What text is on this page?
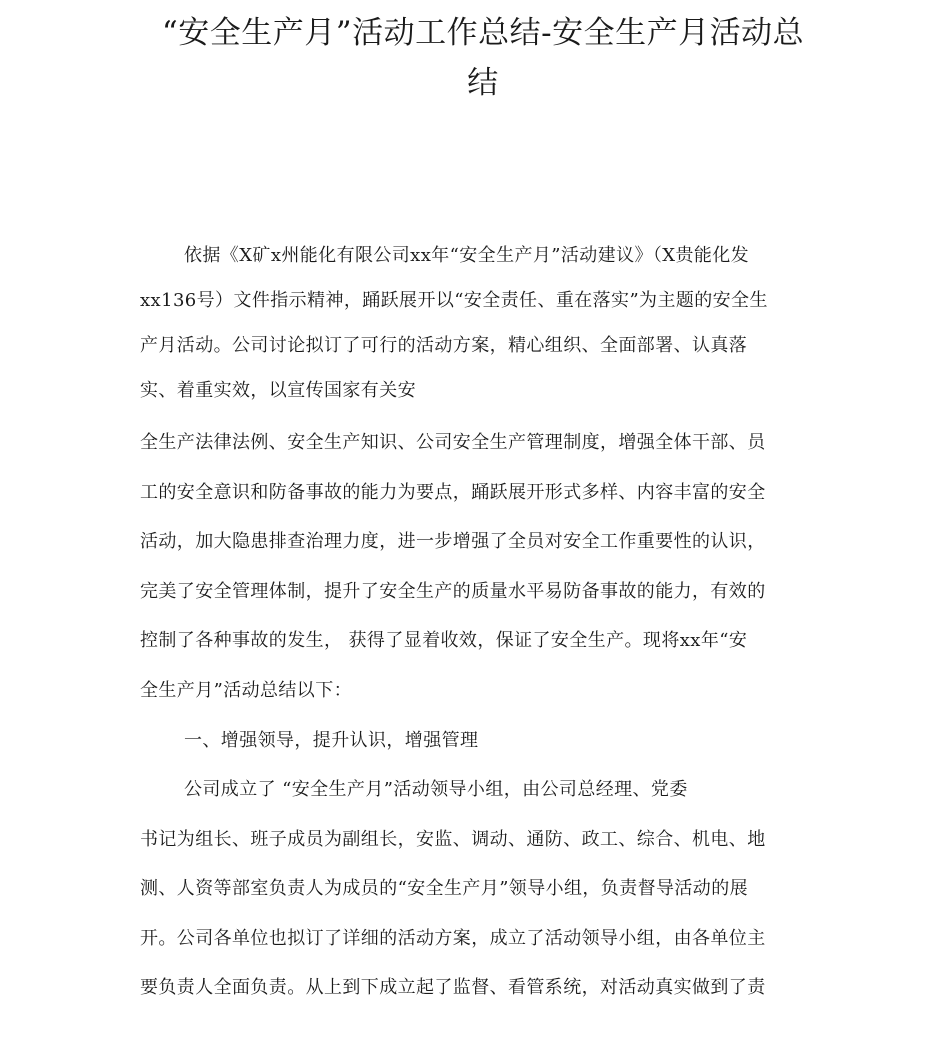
“安全生产月”活动工作总结-安全生产月活动总
结
依据《X矿x州能化有限公司xx年“安全生产月”活动建议》（X贵能化发
xx136号）文件指示精神，踊跃展开以“安全责任、重在落实”为主题的安全生
产月活动。公司讨论拟订了可行的活动方案，精心组织、全面部署、认真落
实、着重实效，以宣传国家有关安
全生产法律法例、安全生产知识、公司安全生产管理制度，增强全体干部、员
工的安全意识和防备事故的能力为要点，踊跃展开形式多样、内容丰富的安全
活动，加大隐患排查治理力度，进一步增强了全员对安全工作重要性的认识，
完美了安全管理体制，提升了安全生产的质量水平易防备事故的能力，有效的
控制了各种事故的发生， 获得了显着收效，保证了安全生产。现将xx年“安
全生产月”活动总结以下：
一、增强领导，提升认识，增强管理
公司成立了 “安全生产月”活动领导小组，由公司总经理、党委
书记为组长、班子成员为副组长，安监、调动、通防、政工、综合、机电、地
测、人资等部室负责人为成员的“安全生产月”领导小组，负责督导活动的展
开。公司各单位也拟订了详细的活动方案，成立了活动领导小组，由各单位主
要负责人全面负责。从上到下成立起了监督、看管系统，对活动真实做到了责
